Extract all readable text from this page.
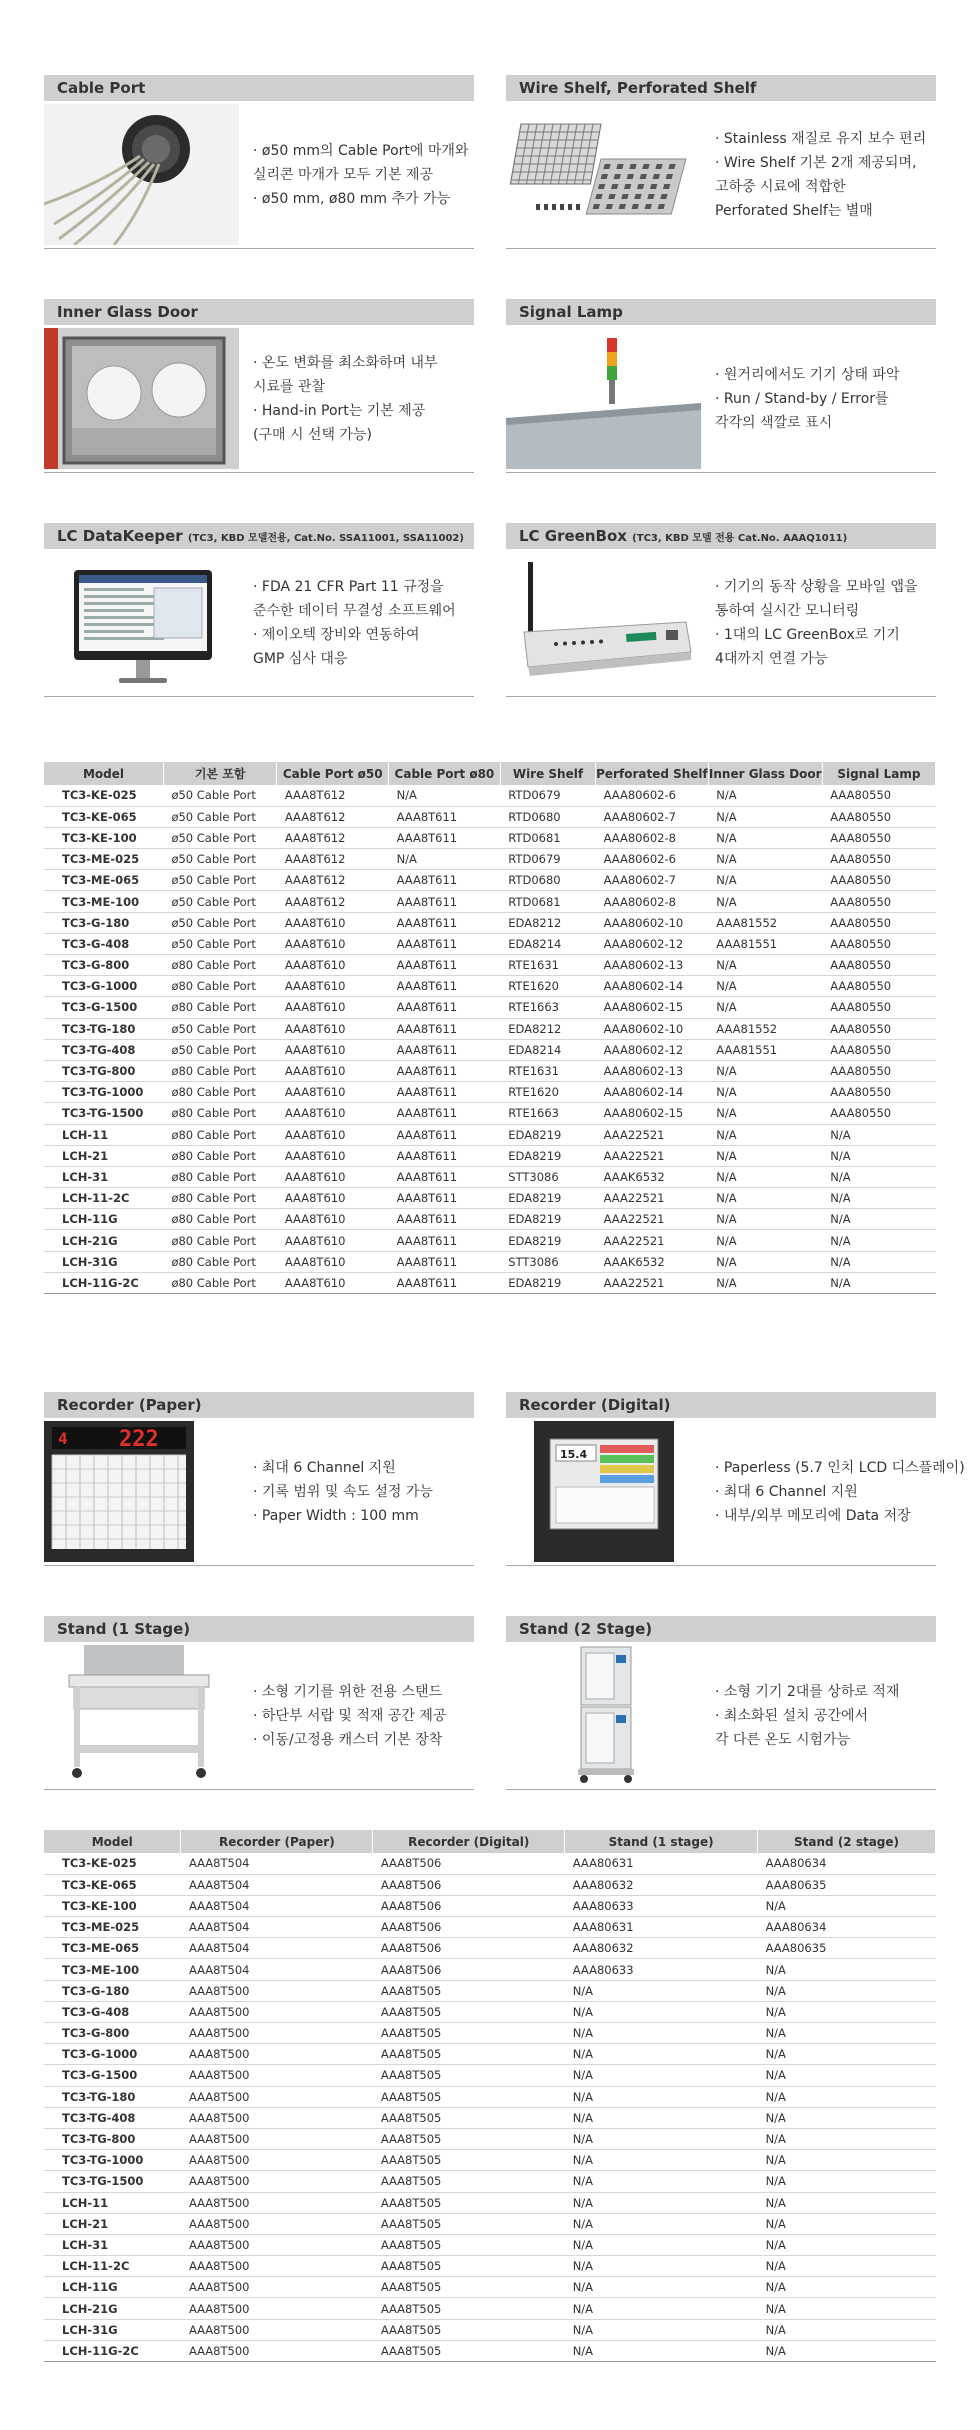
Cable Port
· ø50 mm의 Cable Port에 마개와
실리콘 마개가 모두 기본 제공
· ø50 mm, ø80 mm 추가 가능
Wire Shelf, Perforated Shelf
· Stainless 재질로 유지 보수 편리
· Wire Shelf 기본 2개 제공되며,
고하중 시료에 적합한
Perforated Shelf는 별매
Inner Glass Door
· 온도 변화를 최소화하며 내부
시료를 관찰
· Hand-in Port는 기본 제공
(구매 시 선택 가능)
Signal Lamp
· 원거리에서도 기기 상태 파악
· Run / Stand-by / Error를
각각의 색깔로 표시
LC DataKeeper (TC3, KBD 모델전용, Cat.No. SSA11001, SSA11002)
· FDA 21 CFR Part 11 규정을
준수한 데이터 무결성 소프트웨어
· 제이오텍 장비와 연동하여
GMP 심사 대응
LC GreenBox (TC3, KBD 모델 전용 Cat.No. AAAQ1011)
· 기기의 동작 상황을 모바일 앱을
통하여 실시간 모니터링
· 1대의 LC GreenBox로 기기
4대까지 연결 가능
Model	기본 포함	Cable Port ø50	Cable Port ø80	Wire Shelf	Perforated Shelf	Inner Glass Door	Signal Lamp
TC3-KE-025	ø50 Cable Port	AAA8T612	N/A	RTD0679	AAA80602-6	N/A	AAA80550
TC3-KE-065	ø50 Cable Port	AAA8T612	AAA8T611	RTD0680	AAA80602-7	N/A	AAA80550
TC3-KE-100	ø50 Cable Port	AAA8T612	AAA8T611	RTD0681	AAA80602-8	N/A	AAA80550
TC3-ME-025	ø50 Cable Port	AAA8T612	N/A	RTD0679	AAA80602-6	N/A	AAA80550
TC3-ME-065	ø50 Cable Port	AAA8T612	AAA8T611	RTD0680	AAA80602-7	N/A	AAA80550
TC3-ME-100	ø50 Cable Port	AAA8T612	AAA8T611	RTD0681	AAA80602-8	N/A	AAA80550
TC3-G-180	ø50 Cable Port	AAA8T610	AAA8T611	EDA8212	AAA80602-10	AAA81552	AAA80550
TC3-G-408	ø50 Cable Port	AAA8T610	AAA8T611	EDA8214	AAA80602-12	AAA81551	AAA80550
TC3-G-800	ø80 Cable Port	AAA8T610	AAA8T611	RTE1631	AAA80602-13	N/A	AAA80550
TC3-G-1000	ø80 Cable Port	AAA8T610	AAA8T611	RTE1620	AAA80602-14	N/A	AAA80550
TC3-G-1500	ø80 Cable Port	AAA8T610	AAA8T611	RTE1663	AAA80602-15	N/A	AAA80550
TC3-TG-180	ø50 Cable Port	AAA8T610	AAA8T611	EDA8212	AAA80602-10	AAA81552	AAA80550
TC3-TG-408	ø50 Cable Port	AAA8T610	AAA8T611	EDA8214	AAA80602-12	AAA81551	AAA80550
TC3-TG-800	ø80 Cable Port	AAA8T610	AAA8T611	RTE1631	AAA80602-13	N/A	AAA80550
TC3-TG-1000	ø80 Cable Port	AAA8T610	AAA8T611	RTE1620	AAA80602-14	N/A	AAA80550
TC3-TG-1500	ø80 Cable Port	AAA8T610	AAA8T611	RTE1663	AAA80602-15	N/A	AAA80550
LCH-11	ø80 Cable Port	AAA8T610	AAA8T611	EDA8219	AAA22521	N/A	N/A
LCH-21	ø80 Cable Port	AAA8T610	AAA8T611	EDA8219	AAA22521	N/A	N/A
LCH-31	ø80 Cable Port	AAA8T610	AAA8T611	STT3086	AAAK6532	N/A	N/A
LCH-11-2C	ø80 Cable Port	AAA8T610	AAA8T611	EDA8219	AAA22521	N/A	N/A
LCH-11G	ø80 Cable Port	AAA8T610	AAA8T611	EDA8219	AAA22521	N/A	N/A
LCH-21G	ø80 Cable Port	AAA8T610	AAA8T611	EDA8219	AAA22521	N/A	N/A
LCH-31G	ø80 Cable Port	AAA8T610	AAA8T611	STT3086	AAAK6532	N/A	N/A
LCH-11G-2C	ø80 Cable Port	AAA8T610	AAA8T611	EDA8219	AAA22521	N/A	N/A
Recorder (Paper)
4 222
· 최대 6 Channel 지원
· 기록 범위 및 속도 설정 가능
· Paper Width : 100 mm
Recorder (Digital)
15.4
· Paperless (5.7 인치 LCD 디스플레이)
· 최대 6 Channel 지원
· 내부/외부 메모리에 Data 저장
Stand (1 Stage)
· 소형 기기를 위한 전용 스탠드
· 하단부 서랍 및 적재 공간 제공
· 이동/고정용 캐스터 기본 장착
Stand (2 Stage)
· 소형 기기 2대를 상하로 적재
· 최소화된 설치 공간에서
각 다른 온도 시험가능
Model	Recorder (Paper)	Recorder (Digital)	Stand (1 stage)	Stand (2 stage)
TC3-KE-025	AAA8T504	AAA8T506	AAA80631	AAA80634
TC3-KE-065	AAA8T504	AAA8T506	AAA80632	AAA80635
TC3-KE-100	AAA8T504	AAA8T506	AAA80633	N/A
TC3-ME-025	AAA8T504	AAA8T506	AAA80631	AAA80634
TC3-ME-065	AAA8T504	AAA8T506	AAA80632	AAA80635
TC3-ME-100	AAA8T504	AAA8T506	AAA80633	N/A
TC3-G-180	AAA8T500	AAA8T505	N/A	N/A
TC3-G-408	AAA8T500	AAA8T505	N/A	N/A
TC3-G-800	AAA8T500	AAA8T505	N/A	N/A
TC3-G-1000	AAA8T500	AAA8T505	N/A	N/A
TC3-G-1500	AAA8T500	AAA8T505	N/A	N/A
TC3-TG-180	AAA8T500	AAA8T505	N/A	N/A
TC3-TG-408	AAA8T500	AAA8T505	N/A	N/A
TC3-TG-800	AAA8T500	AAA8T505	N/A	N/A
TC3-TG-1000	AAA8T500	AAA8T505	N/A	N/A
TC3-TG-1500	AAA8T500	AAA8T505	N/A	N/A
LCH-11	AAA8T500	AAA8T505	N/A	N/A
LCH-21	AAA8T500	AAA8T505	N/A	N/A
LCH-31	AAA8T500	AAA8T505	N/A	N/A
LCH-11-2C	AAA8T500	AAA8T505	N/A	N/A
LCH-11G	AAA8T500	AAA8T505	N/A	N/A
LCH-21G	AAA8T500	AAA8T505	N/A	N/A
LCH-31G	AAA8T500	AAA8T505	N/A	N/A
LCH-11G-2C	AAA8T500	AAA8T505	N/A	N/A
